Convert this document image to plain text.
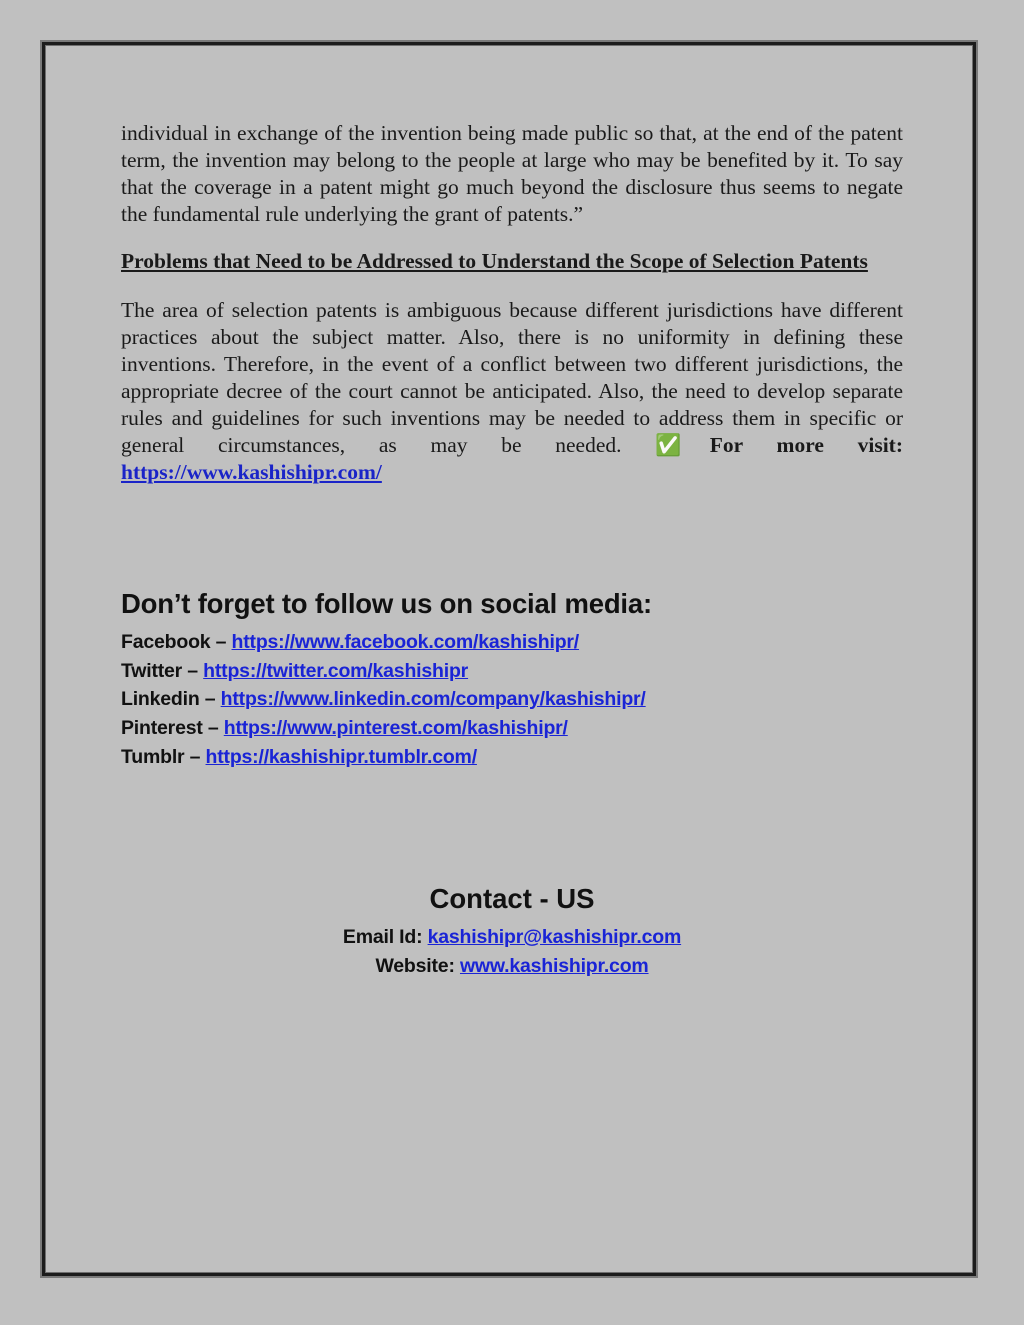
individual in exchange of the invention being made public so that, at the end of the patent term, the invention may belong to the people at large who may be benefited by it. To say that the coverage in a patent might go much beyond the disclosure thus seems to negate the fundamental rule underlying the grant of patents.”

Problems that Need to be Addressed to Understand the Scope of Selection Patents

The area of selection patents is ambiguous because different jurisdictions have different practices about the subject matter. Also, there is no uniformity in defining these inventions. Therefore, in the event of a conflict between two different jurisdictions, the appropriate decree of the court cannot be anticipated. Also, the need to develop separate rules and guidelines for such inventions may be needed to address them in specific or general circumstances, as may be needed. ✅For more visit: https://www.kashishipr.com/

Don’t forget to follow us on social media:
Facebook – https://www.facebook.com/kashishipr/
Twitter – https://twitter.com/kashishipr
Linkedin – https://www.linkedin.com/company/kashishipr/
Pinterest – https://www.pinterest.com/kashishipr/
Tumblr – https://kashishipr.tumblr.com/
Contact - US
Email Id: kashishipr@kashishipr.com
Website: www.kashishipr.com
